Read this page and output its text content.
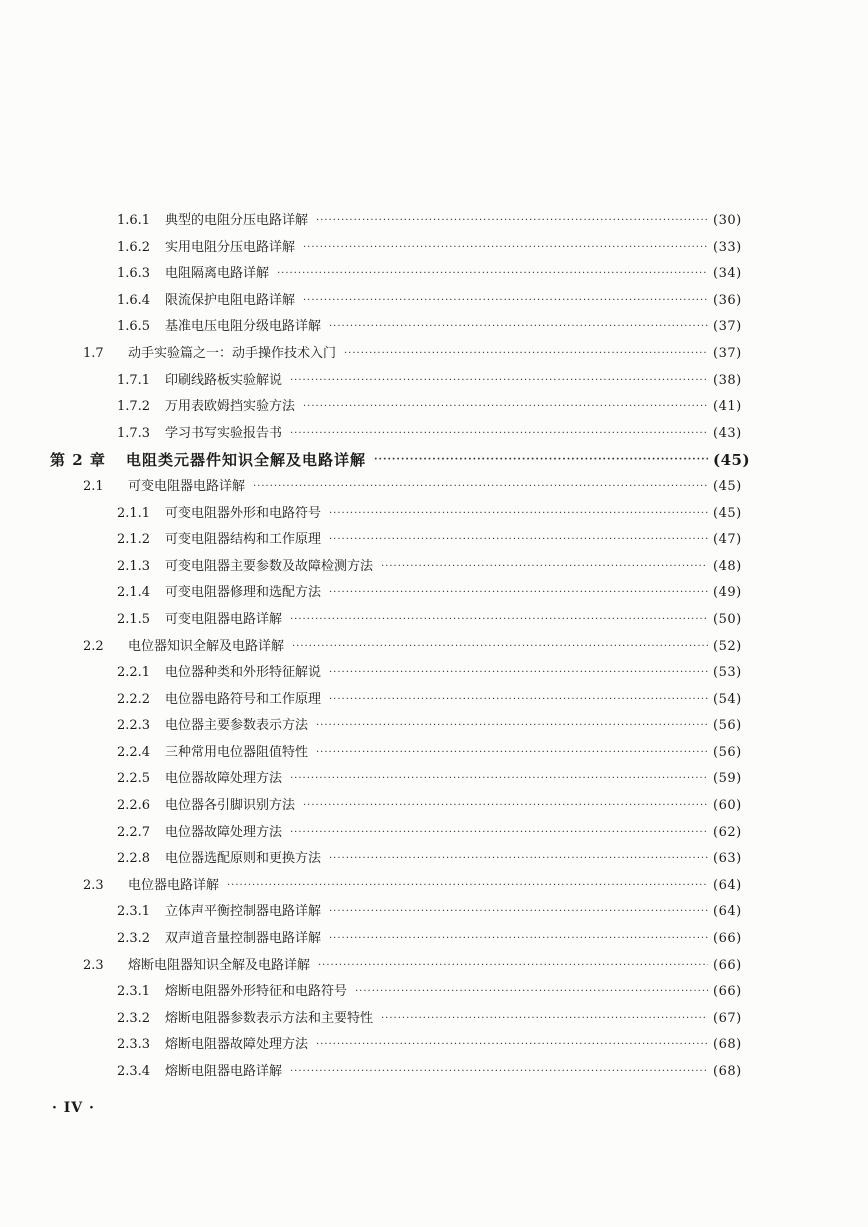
1.6.1 典型的电阻分压电路详解 ·····	(30)
1.6.2 实用电阻分压电路详解 ·····	(33)
1.6.3 电阻隔离电路详解 ·····	(34)
1.6.4 限流保护电阻电路详解 ·····	(36)
1.6.5 基准电压电阻分级电路详解 ·····	(37)
1.7 动手实验篇之一：动手操作技术入门 ·····	(37)
1.7.1 印刷线路板实验解说 ·····	(38)
1.7.2 万用表欧姆挡实验方法 ·····	(41)
1.7.3 学习书写实验报告书 ·····	(43)
第 2 章 电阻类元器件知识全解及电路详解 ·····	(45)
2.1 可变电阻器电路详解 ·····	(45)
2.1.1 可变电阻器外形和电路符号 ·····	(45)
2.1.2 可变电阻器结构和工作原理 ·····	(47)
2.1.3 可变电阻器主要参数及故障检测方法 ·····	(48)
2.1.4 可变电阻器修理和选配方法 ·····	(49)
2.1.5 可变电阻器电路详解 ·····	(50)
2.2 电位器知识全解及电路详解 ·····	(52)
2.2.1 电位器种类和外形特征解说 ·····	(53)
2.2.2 电位器电路符号和工作原理 ·····	(54)
2.2.3 电位器主要参数表示方法 ·····	(56)
2.2.4 三种常用电位器阻值特性 ·····	(56)
2.2.5 电位器故障处理方法 ·····	(59)
2.2.6 电位器各引脚识别方法 ·····	(60)
2.2.7 电位器故障处理方法 ·····	(62)
2.2.8 电位器选配原则和更换方法 ·····	(63)
2.3 电位器电路详解 ·····	(64)
2.3.1 立体声平衡控制器电路详解 ·····	(64)
2.3.2 双声道音量控制器电路详解 ·····	(66)
2.3 熔断电阻器知识全解及电路详解 ·····	(66)
2.3.1 熔断电阻器外形特征和电路符号 ·····	(66)
2.3.2 熔断电阻器参数表示方法和主要特性 ·····	(67)
2.3.3 熔断电阻器故障处理方法 ·····	(68)
2.3.4 熔断电阻器电路详解 ·····	(68)
· IV ·
